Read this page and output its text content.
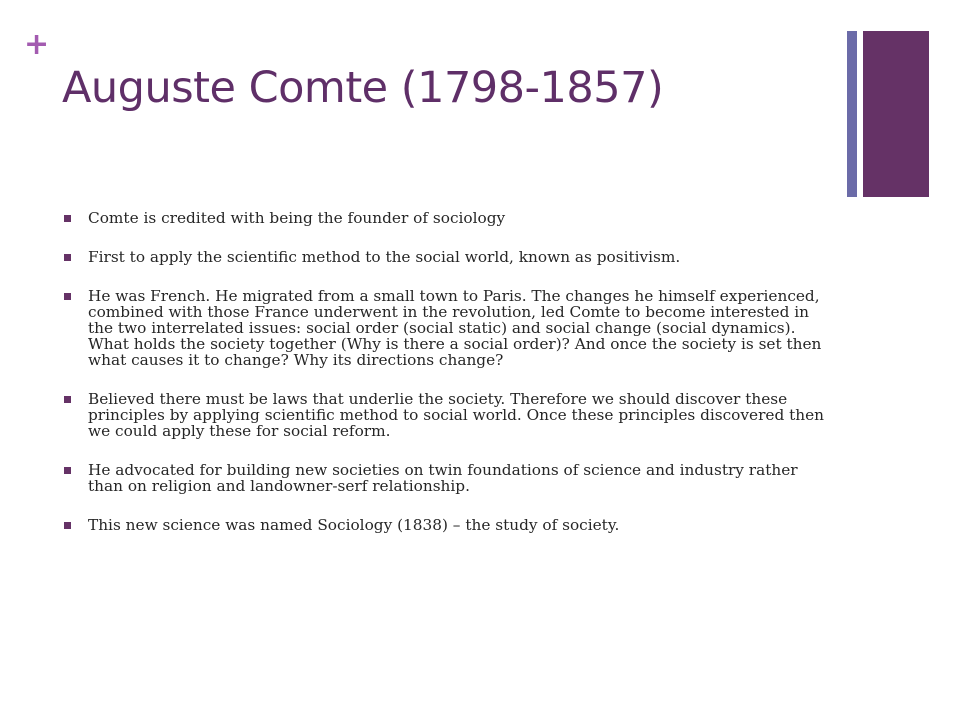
+
Auguste Comte (1798-1857)
Comte is credited with being the founder of sociology
First to apply the scientific method to the social world, known as positivism.
He was French. He migrated from a small town to Paris. The changes he himself experienced, combined with those France underwent in the revolution, led Comte to become interested in the two interrelated issues: social order (social static) and social change (social dynamics). What holds the society together (Why is there a social order)? And once the society is set then what causes it to change? Why its directions change?
Believed there must be laws that underlie the society. Therefore we should discover these principles by applying scientific method to social world. Once these principles discovered then we could apply these for social reform.
He advocated for building new societies on twin foundations of science and industry rather than on religion and landowner-serf relationship.
This new science was named Sociology (1838) – the study of society.
